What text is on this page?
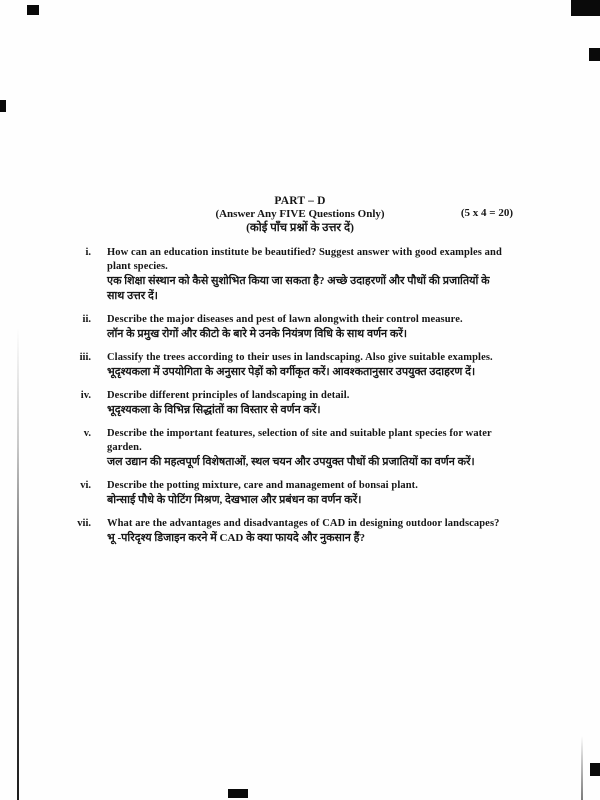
PART – D
(Answer Any FIVE Questions Only)
(कोई पाँच प्रश्नों के उत्तर दें)
(5 x 4 = 20)
i.	How can an education institute be beautified? Suggest answer with good examples and
plant species.
एक शिक्षा संस्थान को कैसे सुशोभित किया जा सकता है? अच्छे उदाहरणों और पौधों की प्रजातियों के
साथ उत्तर दें।
ii.	Describe the major diseases and pest of lawn alongwith their control measure.
लॉन के प्रमुख रोगों और कीटो के बारे मे उनके नियंत्रण विधि के साथ वर्णन करें।
iii.	Classify the trees according to their uses in landscaping. Also give suitable examples.
भूदृश्यकला में उपयोगिता के अनुसार पेड़ों को वर्गीकृत करें। आवश्कतानुसार उपयुक्त उदाहरण दें।
iv.	Describe different principles of landscaping in detail.
भूदृश्यकला के विभिन्न सिद्धांतों का विस्तार से वर्णन करें।
v.	Describe the important features, selection of site and suitable plant species for water
garden.
जल उद्यान की महत्वपूर्ण विशेषताओं, स्थल चयन और उपयुक्त पौधों की प्रजातियों का वर्णन करें।
vi.	Describe the potting mixture, care and management of bonsai plant.
बोन्साई पौधे के पोटिंग मिश्रण, देखभाल और प्रबंधन का वर्णन करें।
vii.	What are the advantages and disadvantages of CAD in designing outdoor landscapes?
भू -परिदृश्य डिजाइन करने में CAD के क्या फायदे और नुकसान हैं?
